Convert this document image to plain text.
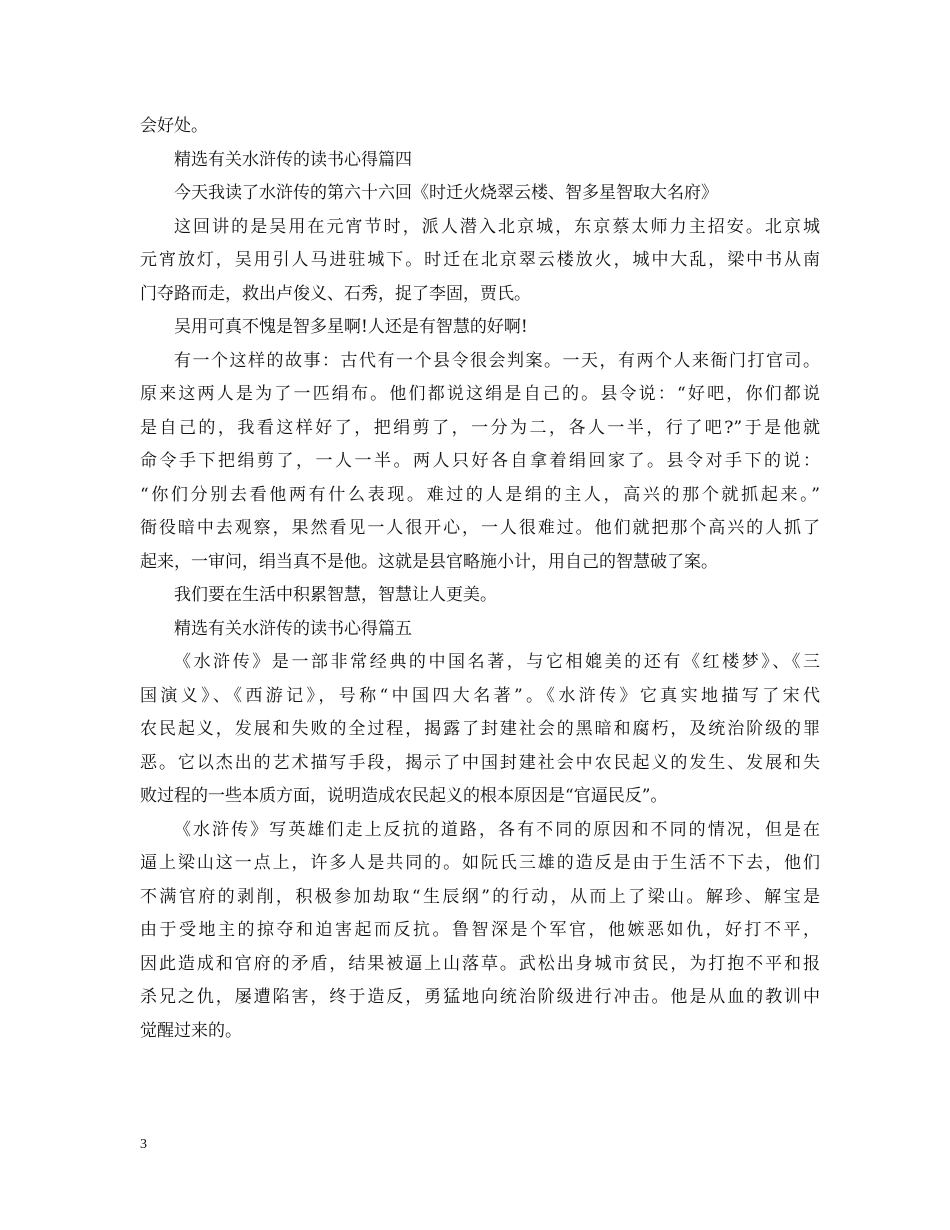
会好处。
精选有关水浒传的读书心得篇四
今天我读了水浒传的第六十六回《时迁火烧翠云楼、智多星智取大名府》
这回讲的是吴用在元宵节时，派人潜入北京城，东京蔡太师力主招安。北京城
元宵放灯，吴用引人马进驻城下。时迁在北京翠云楼放火，城中大乱，梁中书从南
门夺路而走，救出卢俊义、石秀，捉了李固，贾氏。
吴用可真不愧是智多星啊!人还是有智慧的好啊!
有一个这样的故事：古代有一个县令很会判案。一天，有两个人来衙门打官司。
原来这两人是为了一匹绢布。他们都说这绢是自己的。县令说：“好吧，你们都说
是自己的，我看这样好了，把绢剪了，一分为二，各人一半，行了吧?”于是他就
命令手下把绢剪了，一人一半。两人只好各自拿着绢回家了。县令对手下的说：
“你们分别去看他两有什么表现。难过的人是绢的主人，高兴的那个就抓起来。”
衙役暗中去观察，果然看见一人很开心，一人很难过。他们就把那个高兴的人抓了
起来，一审问，绢当真不是他。这就是县官略施小计，用自己的智慧破了案。
我们要在生活中积累智慧，智慧让人更美。
精选有关水浒传的读书心得篇五
《水浒传》是一部非常经典的中国名著，与它相媲美的还有《红楼梦》、《三
国演义》、《西游记》，号称“中国四大名著”。《水浒传》它真实地描写了宋代
农民起义，发展和失败的全过程，揭露了封建社会的黑暗和腐朽，及统治阶级的罪
恶。它以杰出的艺术描写手段，揭示了中国封建社会中农民起义的发生、发展和失
败过程的一些本质方面，说明造成农民起义的根本原因是“官逼民反”。
《水浒传》写英雄们走上反抗的道路，各有不同的原因和不同的情况，但是在
逼上梁山这一点上，许多人是共同的。如阮氏三雄的造反是由于生活不下去，他们
不满官府的剥削，积极参加劫取“生辰纲”的行动，从而上了梁山。解珍、解宝是
由于受地主的掠夺和迫害起而反抗。鲁智深是个军官，他嫉恶如仇，好打不平，
因此造成和官府的矛盾，结果被逼上山落草。武松出身城市贫民，为打抱不平和报
杀兄之仇，屡遭陷害，终于造反，勇猛地向统治阶级进行冲击。他是从血的教训中
觉醒过来的。
3
